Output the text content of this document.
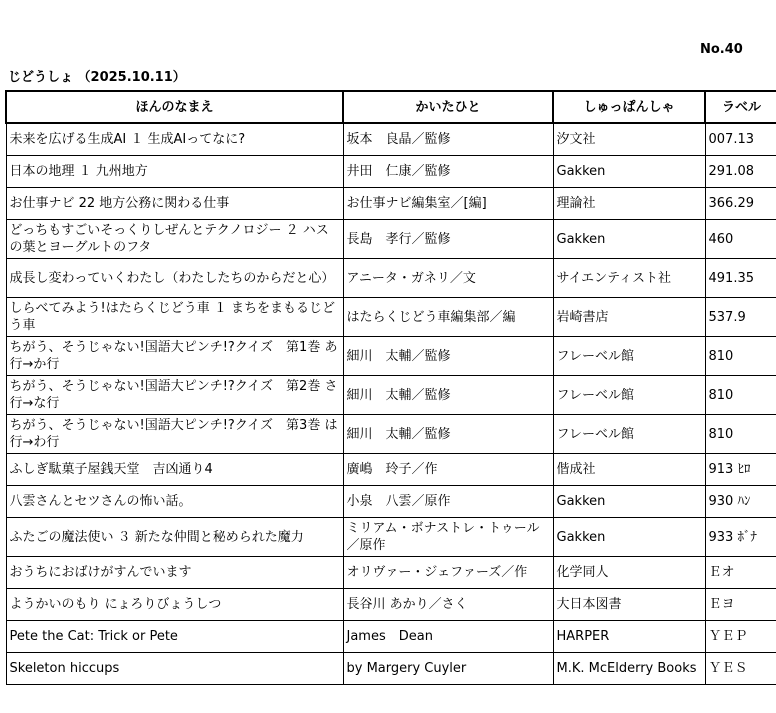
No.40
じどうしょ （2025.10.11）
ほんのなまえ	かいたひと	しゅっぱんしゃ	ラベル
未来を広げる生成AI １ 生成AIってなに?	坂本　良晶／監修	汐文社	007.13
日本の地理 １ 九州地方	井田　仁康／監修	Gakken	291.08
お仕事ナビ 22 地方公務に関わる仕事	お仕事ナビ編集室／[編]	理論社	366.29
どっちもすごいそっくりしぜんとテクノロジー ２ ハスの葉とヨーグルトのフタ	長島　孝行／監修	Gakken	460
成長し変わっていくわたし（わたしたちのからだと心）	アニータ・ガネリ／文	サイエンティスト社	491.35
しらべてみよう!はたらくじどう車 １ まちをまもるじどう車	はたらくじどう車編集部／編	岩崎書店	537.9
ちがう、そうじゃない!国語大ピンチ!?クイズ　第1巻 あ行→か行	細川　太輔／監修	フレーベル館	810
ちがう、そうじゃない!国語大ピンチ!?クイズ　第2巻 さ行→な行	細川　太輔／監修	フレーベル館	810
ちがう、そうじゃない!国語大ピンチ!?クイズ　第3巻 は行→わ行	細川　太輔／監修	フレーベル館	810
ふしぎ駄菓子屋銭天堂　吉凶通り4	廣嶋　玲子／作	偕成社	913 ﾋﾛ
八雲さんとセツさんの怖い話。	小泉　八雲／原作	Gakken	930 ﾊﾝ
ふたごの魔法使い ３ 新たな仲間と秘められた魔力	ミリアム・ボナストレ・トゥール／原作	Gakken	933 ﾎﾞﾅ
おうちにおばけがすんでいます	オリヴァー・ジェファーズ／作	化学同人	Ｅオ
ようかいのもり にょろりびょうしつ	長谷川 あかり／さく	大日本図書	Ｅヨ
Pete the Cat: Trick or Pete	James　Dean	HARPER	ＹＥＰ
Skeleton hiccups	by Margery Cuyler	M.K. McElderry Books	ＹＥＳ
